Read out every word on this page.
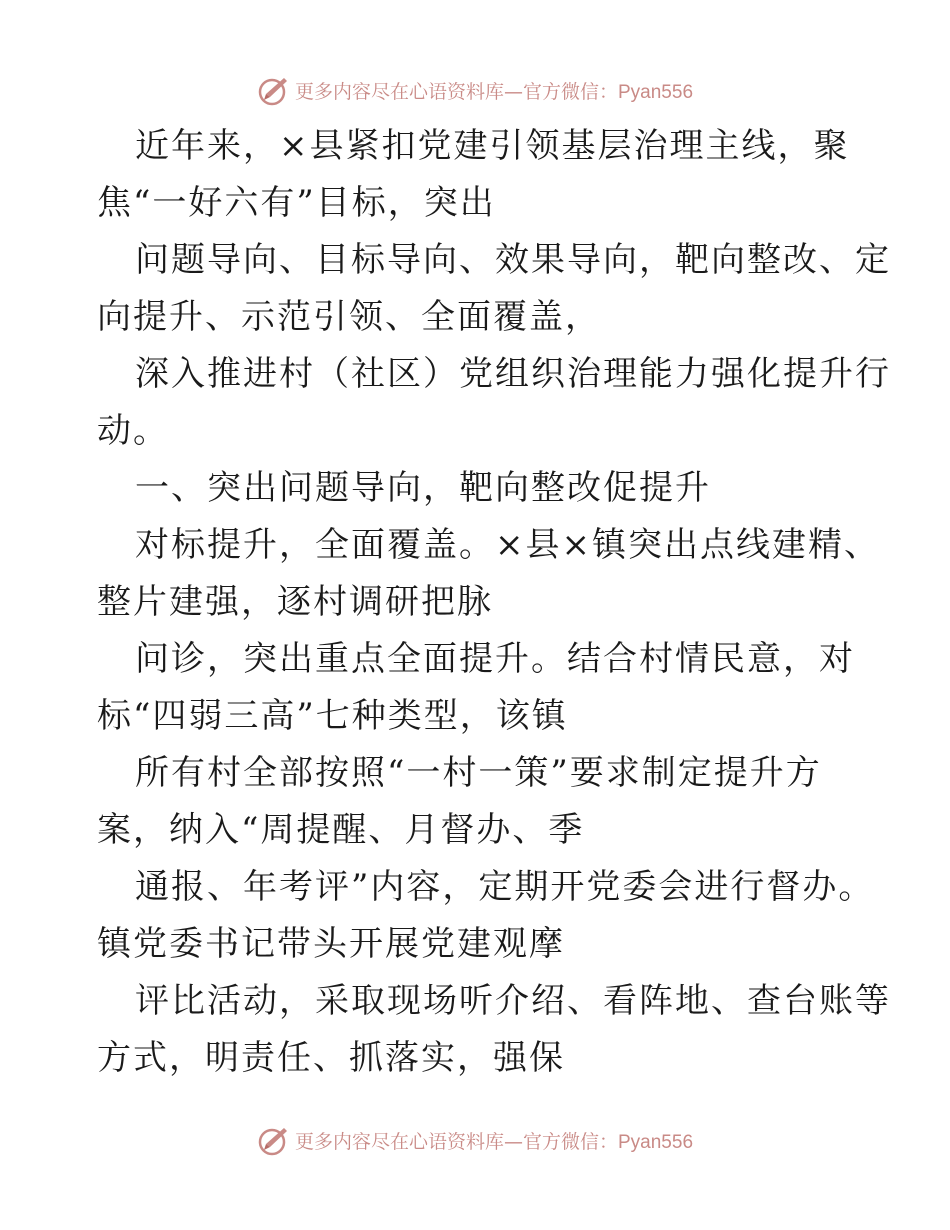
更多内容尽在心语资料库—官方微信：Pyan556

近年来，×县紧扣党建引领基层治理主线，聚
焦“一好六有”目标，突出

问题导向、目标导向、效果导向，靶向整改、定
向提升、示范引领、全面覆盖，

深入推进村（社区）党组织治理能力强化提升行
动。

一、突出问题导向，靶向整改促提升

对标提升，全面覆盖。×县×镇突出点线建精、
整片建强，逐村调研把脉

问诊，突出重点全面提升。结合村情民意，对
标“四弱三高”七种类型，该镇

所有村全部按照“一村一策”要求制定提升方
案，纳入“周提醒、月督办、季

通报、年考评”内容，定期开党委会进行督办。
镇党委书记带头开展党建观摩

评比活动，采取现场听介绍、看阵地、查台账等
方式，明责任、抓落实，强保

更多内容尽在心语资料库—官方微信：Pyan556
